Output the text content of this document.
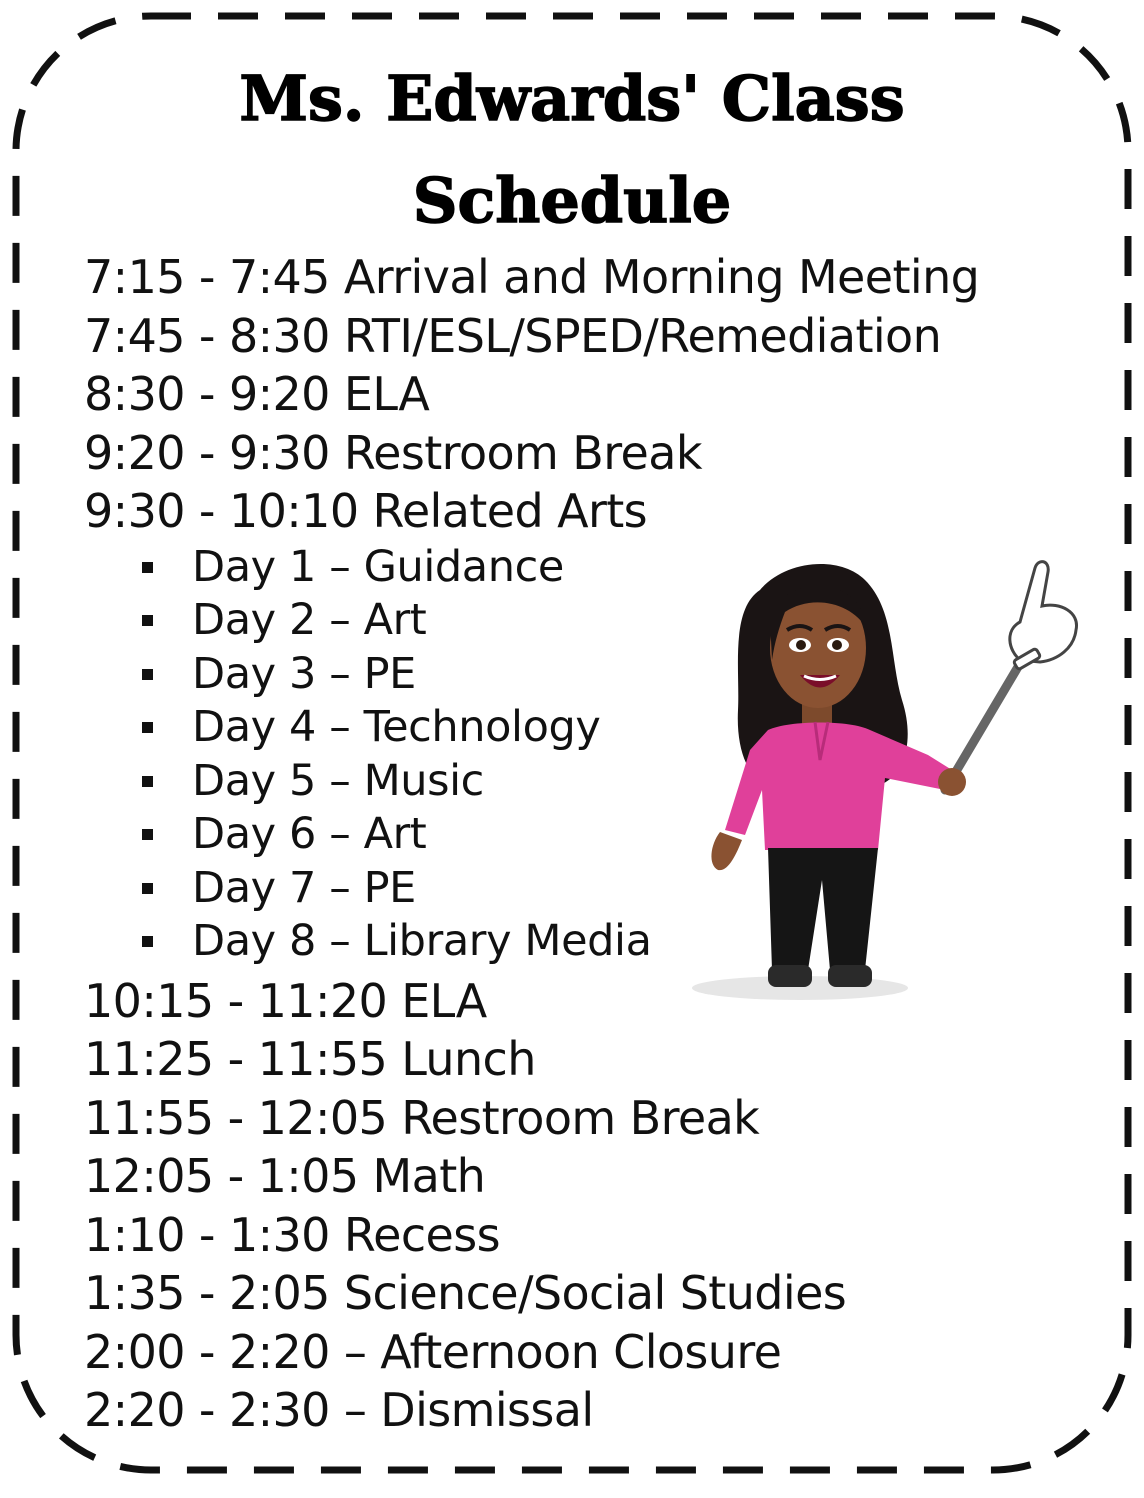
Ms. Edwards' Class
Schedule
7:15 - 7:45 Arrival and Morning Meeting
7:45 - 8:30 RTI/ESL/SPED/Remediation
8:30 - 9:20 ELA
9:20 - 9:30 Restroom Break
9:30 - 10:10 Related Arts
Day 1 – Guidance
Day 2 – Art
Day 3 – PE
Day 4 – Technology
Day 5 – Music
Day 6 – Art
Day 7 – PE
Day 8 – Library Media
10:15 - 11:20 ELA
11:25 - 11:55 Lunch
11:55 - 12:05 Restroom Break
12:05 - 1:05 Math
1:10 - 1:30 Recess
1:35 - 2:05 Science/Social Studies
2:00 - 2:20 – Afternoon Closure
2:20 - 2:30 – Dismissal
